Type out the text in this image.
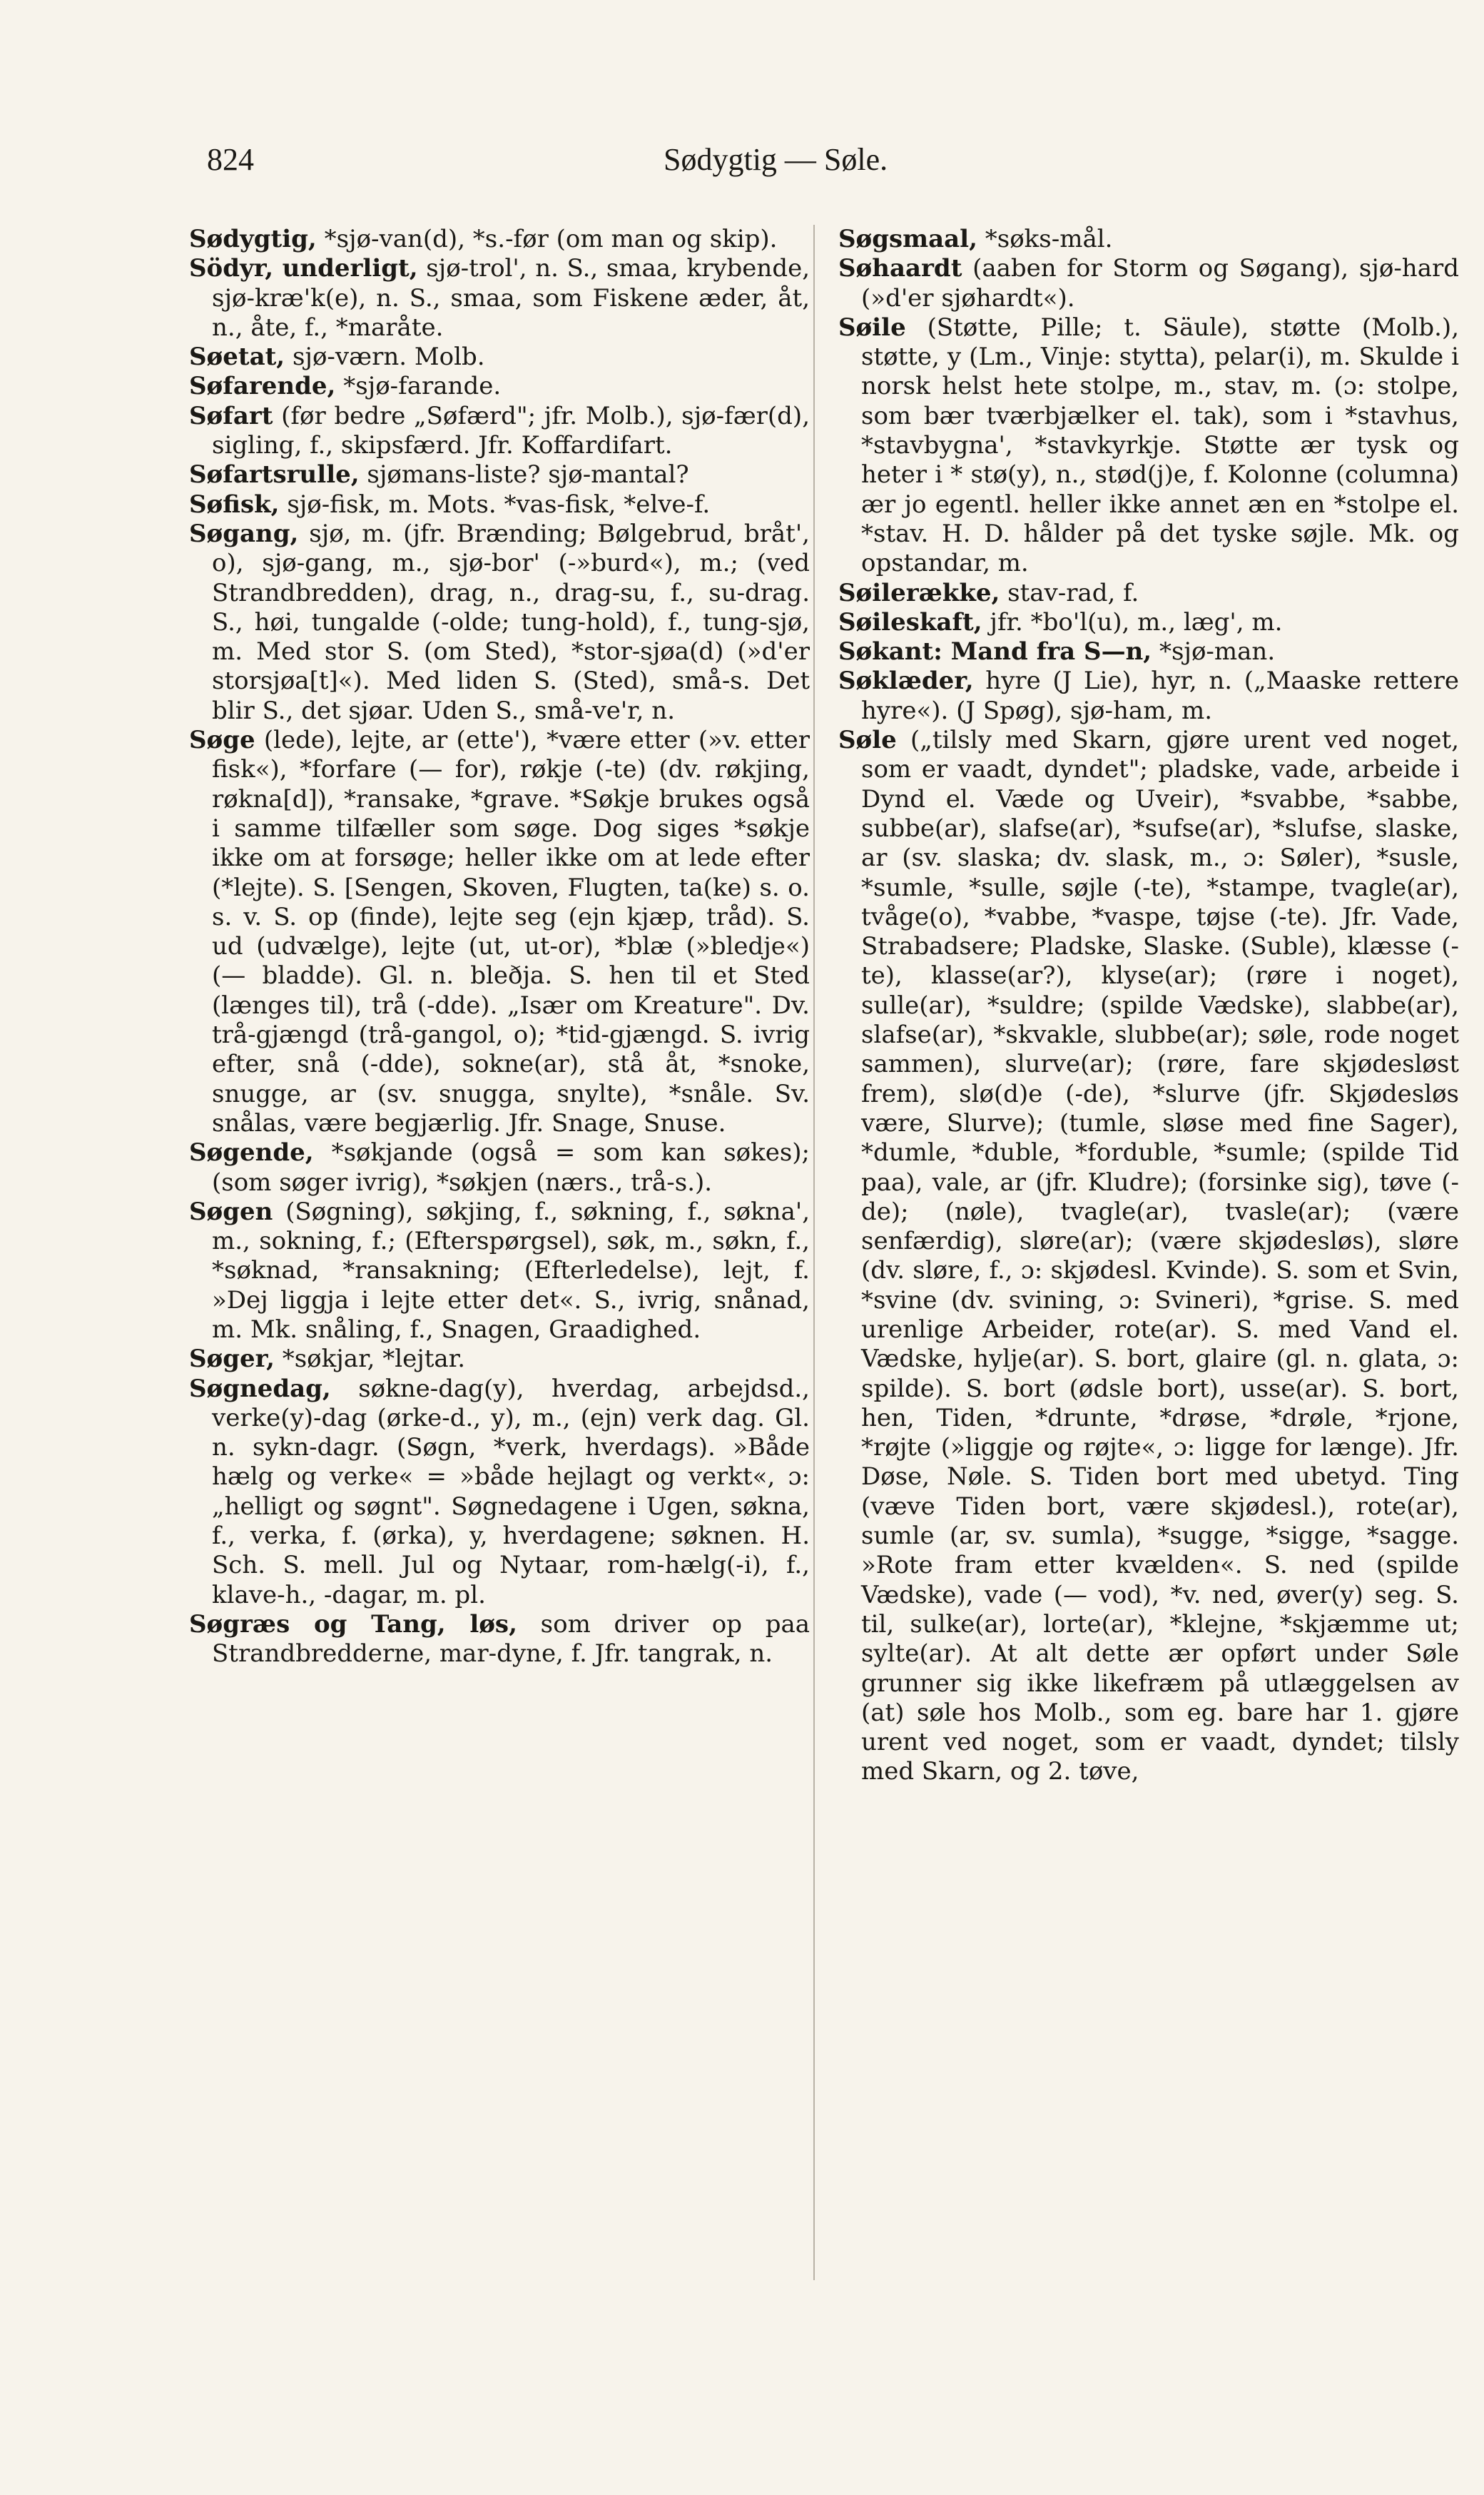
824	Sødygtig — Søle.

Sødygtig, *sjø-van(d), *s.-før (om man og skip).

Södyr, underligt, sjø-trol', n. S., smaa, krybende, sjø-kræ'k(e), n. S., smaa, som Fiskene æder, åt, n., åte, f., *maråte.

Søetat, sjø-værn. Molb.

Søfarende, *sjø-farande.

Søfart (før bedre „Søfærd"; jfr. Molb.), sjø-fær(d), sigling, f., skipsfærd. Jfr. Koffardifart.

Søfartsrulle, sjømans-liste? sjø-mantal?

Søfisk, sjø-fisk, m. Mots. *vas-fisk, *elve-f.

Søgang, sjø, m. (jfr. Brænding; Bølgebrud, bråt', o), sjø-gang, m., sjø-bor' (-»burd«), m.; (ved Strandbredden), drag, n., drag-su, f., su-drag. S., høi, tungalde (-olde; tung-hold), f., tung-sjø, m. Med stor S. (om Sted), *stor-sjøa(d) (»d'er storsjøa[t]«). Med liden S. (Sted), små-s. Det blir S., det sjøar. Uden S., små-ve'r, n.

Søge (lede), lejte, ar (ette'), *være etter (»v. etter fisk«), *forfare (— for), røkje (-te) (dv. røkjing, røkna[d]), *ransake, *grave. *Søkje brukes også i samme tilfæller som søge. Dog siges *søkje ikke om at forsøge; heller ikke om at lede efter (*lejte). S. [Sengen, Skoven, Flugten, ta(ke) s. o. s. v. S. op (finde), lejte seg (ejn kjæp, tråd). S. ud (udvælge), lejte (ut, ut-or), *blæ (»bledje«) (— bladde). Gl. n. bleðja. S. hen til et Sted (længes til), trå (-dde). „Især om Kreature". Dv. trå-gjængd (trå-gangol, o); *tid-gjængd. S. ivrig efter, snå (-dde), sokne(ar), stå åt, *snoke, snugge, ar (sv. snugga, snylte), *snåle. Sv. snålas, være begjærlig. Jfr. Snage, Snuse.

Søgende, *søkjande (også = som kan søkes); (som søger ivrig), *søkjen (nærs., trå-s.).

Søgen (Søgning), søkjing, f., søkning, f., søkna', m., sokning, f.; (Efterspørgsel), søk, m., søkn, f., *søknad, *ransakning; (Efterledelse), lejt, f. »Dej liggja i lejte etter det«. S., ivrig, snånad, m. Mk. snåling, f., Snagen, Graadighed.

Søger, *søkjar, *lejtar.

Søgnedag, søkne-dag(y), hverdag, arbejdsd., verke(y)-dag (ørke-d., y), m., (ejn) verk dag. Gl. n. sykn-dagr. (Søgn, *verk, hverdags). »Både hælg og verke« = »både hejlagt og verkt«, ɔ: „helligt og søgnt". Søgnedagene i Ugen, søkna, f., verka, f. (ørka), y, hverdagene; søknen. H. Sch. S. mell. Jul og Nytaar, rom-hælg(-i), f., klave-h., -dagar, m. pl.

Søgræs og Tang, løs, som driver op paa Strandbredderne, mar-dyne, f. Jfr. tangrak, n.

Søgsmaal, *søks-mål.

Søhaardt (aaben for Storm og Søgang), sjø-hard (»d'er sjøhardt«).

Søile (Støtte, Pille; t. Säule), støtte (Molb.), støtte, y (Lm., Vinje: stytta), pelar(i), m. Skulde i norsk helst hete stolpe, m., stav, m. (ɔ: stolpe, som bær tværbjælker el. tak), som i *stavhus, *stavbygna', *stavkyrkje. Støtte ær tysk og heter i * stø(y), n., stød(j)e, f. Kolonne (columna) ær jo egentl. heller ikke annet æn en *stolpe el. *stav. H. D. hålder på det tyske søjle. Mk. og opstandar, m.

Søilerække, stav-rad, f.

Søileskaft, jfr. *bo'l(u), m., læg', m.

Søkant: Mand fra S—n, *sjø-man.

Søklæder, hyre (J Lie), hyr, n. („Maaske rettere hyre«). (J Spøg), sjø-ham, m.

Søle („tilsly med Skarn, gjøre urent ved noget, som er vaadt, dyndet"; pladske, vade, arbeide i Dynd el. Væde og Uveir), *svabbe, *sabbe, subbe(ar), slafse(ar), *sufse(ar), *slufse, slaske, ar (sv. slaska; dv. slask, m., ɔ: Søler), *susle, *sumle, *sulle, søjle (-te), *stampe, tvagle(ar), tvåge(o), *vabbe, *vaspe, tøjse (-te). Jfr. Vade, Strabadsere; Pladske, Slaske. (Suble), klæsse (-te), klasse(ar?), klyse(ar); (røre i noget), sulle(ar), *suldre; (spilde Vædske), slabbe(ar), slafse(ar), *skvakle, slubbe(ar); søle, rode noget sammen), slurve(ar); (røre, fare skjødesløst frem), slø(d)e (-de), *slurve (jfr. Skjødesløs være, Slurve); (tumle, sløse med fine Sager), *dumle, *duble, *forduble, *sumle; (spilde Tid paa), vale, ar (jfr. Kludre); (forsinke sig), tøve (-de); (nøle), tvagle(ar), tvasle(ar); (være senfærdig), sløre(ar); (være skjødesløs), sløre (dv. sløre, f., ɔ: skjødesl. Kvinde). S. som et Svin, *svine (dv. svining, ɔ: Svineri), *grise. S. med urenlige Arbeider, rote(ar). S. med Vand el. Vædske, hylje(ar). S. bort, glaire (gl. n. glata, ɔ: spilde). S. bort (ødsle bort), usse(ar). S. bort, hen, Tiden, *drunte, *drøse, *drøle, *rjone, *røjte (»liggje og røjte«, ɔ: ligge for længe). Jfr. Døse, Nøle. S. Tiden bort med ubetyd. Ting (væve Tiden bort, være skjødesl.), rote(ar), sumle (ar, sv. sumla), *sugge, *sigge, *sagge. »Rote fram etter kvælden«. S. ned (spilde Vædske), vade (— vod), *v. ned, øver(y) seg. S. til, sulke(ar), lorte(ar), *klejne, *skjæmme ut; sylte(ar). At alt dette ær opført under Søle grunner sig ikke likefræm på utlæggelsen av (at) søle hos Molb., som eg. bare har 1. gjøre urent ved noget, som er vaadt, dyndet; tilsly med Skarn, og 2. tøve,
